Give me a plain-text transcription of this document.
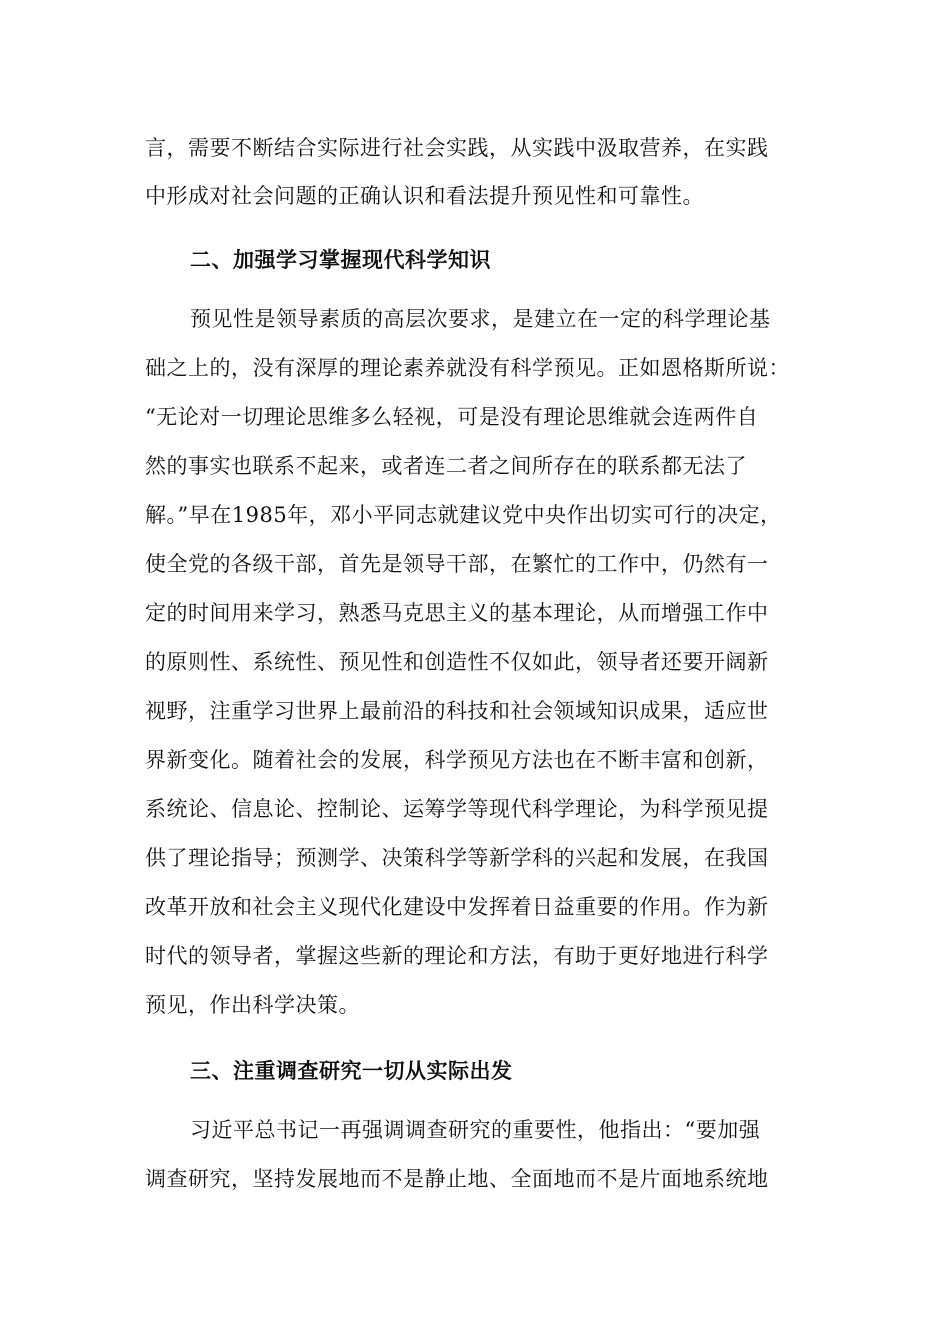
言，需要不断结合实际进行社会实践，从实践中汲取营养，在实践
中形成对社会问题的正确认识和看法提升预见性和可靠性。
二、加强学习掌握现代科学知识
预见性是领导素质的高层次要求，是建立在一定的科学理论基
础之上的，没有深厚的理论素养就没有科学预见。正如恩格斯所说：
“无论对一切理论思维多么轻视，可是没有理论思维就会连两件自
然的事实也联系不起来，或者连二者之间所存在的联系都无法了
解。”早在1985年，邓小平同志就建议党中央作出切实可行的决定，
使全党的各级干部，首先是领导干部，在繁忙的工作中，仍然有一
定的时间用来学习，熟悉马克思主义的基本理论，从而增强工作中
的原则性、系统性、预见性和创造性不仅如此，领导者还要开阔新
视野，注重学习世界上最前沿的科技和社会领域知识成果，适应世
界新变化。随着社会的发展，科学预见方法也在不断丰富和创新，
系统论、信息论、控制论、运筹学等现代科学理论，为科学预见提
供了理论指导；预测学、决策科学等新学科的兴起和发展，在我国
改革开放和社会主义现代化建设中发挥着日益重要的作用。作为新
时代的领导者，掌握这些新的理论和方法，有助于更好地进行科学
预见，作出科学决策。
三、注重调查研究一切从实际出发
习近平总书记一再强调调查研究的重要性，他指出：“要加强
调查研究，坚持发展地而不是静止地、全面地而不是片面地系统地
